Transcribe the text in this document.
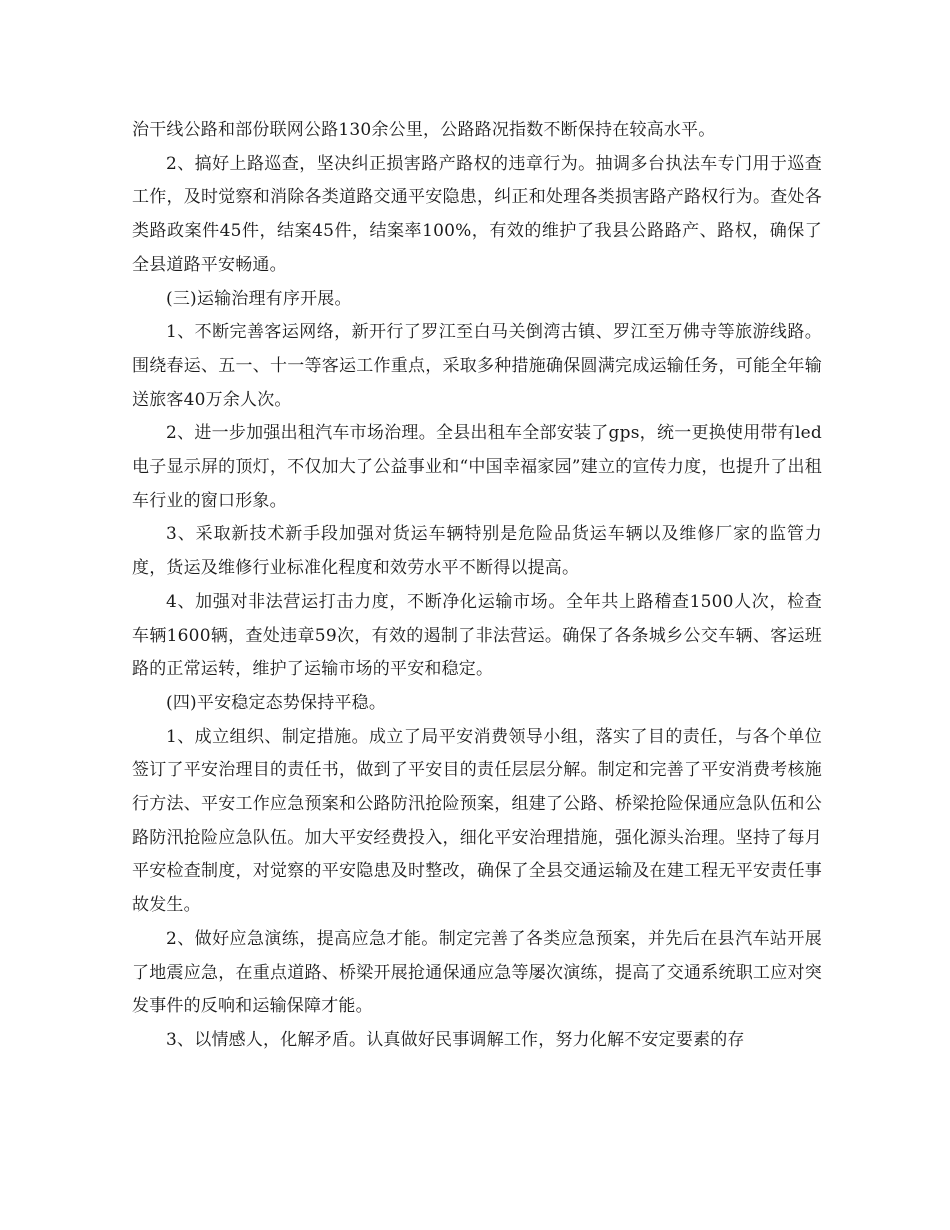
治干线公路和部份联网公路130余公里，公路路况指数不断保持在较高水平。

2、搞好上路巡查，坚决纠正损害路产路权的违章行为。抽调多台执法车专门用于巡查工作，及时觉察和消除各类道路交通平安隐患，纠正和处理各类损害路产路权行为。查处各类路政案件45件，结案45件，结案率100%，有效的维护了我县公路路产、路权，确保了全县道路平安畅通。

(三)运输治理有序开展。

1、不断完善客运网络，新开行了罗江至白马关倒湾古镇、罗江至万佛寺等旅游线路。围绕春运、五一、十一等客运工作重点，采取多种措施确保圆满完成运输任务，可能全年输送旅客40万余人次。

2、进一步加强出租汽车市场治理。全县出租车全部安装了gps，统一更换使用带有led电子显示屏的顶灯，不仅加大了公益事业和“中国幸福家园”建立的宣传力度，也提升了出租车行业的窗口形象。

3、采取新技术新手段加强对货运车辆特别是危险品货运车辆以及维修厂家的监管力度，货运及维修行业标准化程度和效劳水平不断得以提高。

4、加强对非法营运打击力度，不断净化运输市场。全年共上路稽查1500人次，检查车辆1600辆，查处违章59次，有效的遏制了非法营运。确保了各条城乡公交车辆、客运班路的正常运转，维护了运输市场的平安和稳定。

(四)平安稳定态势保持平稳。

1、成立组织、制定措施。成立了局平安消费领导小组，落实了目的责任，与各个单位签订了平安治理目的责任书，做到了平安目的责任层层分解。制定和完善了平安消费考核施行方法、平安工作应急预案和公路防汛抢险预案，组建了公路、桥梁抢险保通应急队伍和公路防汛抢险应急队伍。加大平安经费投入，细化平安治理措施，强化源头治理。坚持了每月平安检查制度，对觉察的平安隐患及时整改，确保了全县交通运输及在建工程无平安责任事故发生。

2、做好应急演练，提高应急才能。制定完善了各类应急预案，并先后在县汽车站开展了地震应急，在重点道路、桥梁开展抢通保通应急等屡次演练，提高了交通系统职工应对突发事件的反响和运输保障才能。

3、以情感人，化解矛盾。认真做好民事调解工作，努力化解不安定要素的存
